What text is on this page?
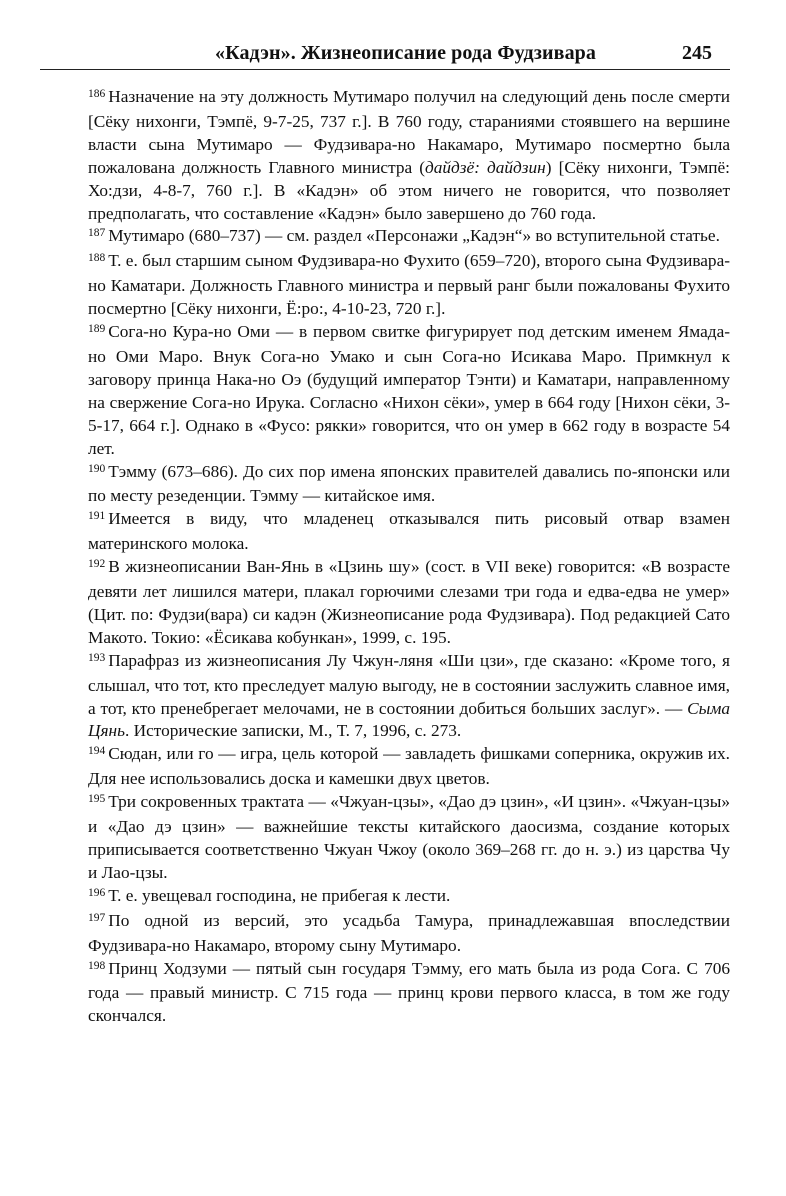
«Кадэн». Жизнеописание рода Фудзивара	245

$^{186}$ Назначение на эту должность Мутимаро получил на следующий день после смерти [Сёку нихонги, Тэмпё, 9-7-25, 737 г.]. В 760 году, стараниями стоявшего на вершине власти сына Мутимаро — Фудзивара-но Накамаро, Мутимаро посмертно была пожалована должность Главного министра (дайдзё: дайдзин) [Сёку нихонги, Тэмпё: Хо:дзи, 4-8-7, 760 г.]. В «Кадэн» об этом ничего не говорится, что позволяет предполагать, что составление «Кадэн» было завершено до 760 года.

$^{187}$ Мутимаро (680–737) — см. раздел «Персонажи „Кадэн“» во вступительной статье.

$^{188}$ Т. е. был старшим сыном Фудзивара-но Фухито (659–720), второго сына Фудзивара-но Каматари. Должность Главного министра и первый ранг были пожалованы Фухито посмертно [Сёку нихонги, Ё:ро:, 4-10-23, 720 г.].

$^{189}$ Сога-но Кура-но Оми — в первом свитке фигурирует под детским именем Ямада-но Оми Маро. Внук Сога-но Умако и сын Сога-но Исикава Маро. Примкнул к заговору принца Нака-но Оэ (будущий император Тэнти) и Каматари, направленному на свержение Сога-но Ирука. Согласно «Нихон сёки», умер в 664 году [Нихон сёки, 3-5-17, 664 г.]. Однако в «Фусо: рякки» говорится, что он умер в 662 году в возрасте 54 лет.

$^{190}$ Тэмму (673–686). До сих пор имена японских правителей давались по-японски или по месту резеденции. Тэмму — китайское имя.

$^{191}$ Имеется в виду, что младенец отказывался пить рисовый отвар взамен материнского молока.

$^{192}$ В жизнеописании Ван-Янь в «Цзинь шу» (сост. в VII веке) говорится: «В возрасте девяти лет лишился матери, плакал горючими слезами три года и едва-едва не умер» (Цит. по: Фудзи(вара) си кадэн (Жизнеописание рода Фудзивара). Под редакцией Сато Макото. Токио: «Ёсикава кобункан», 1999, с. 195.

$^{193}$ Парафраз из жизнеописания Лу Чжун-ляня «Ши цзи», где сказано: «Кроме того, я слышал, что тот, кто преследует малую выгоду, не в состоянии заслужить славное имя, а тот, кто пренебрегает мелочами, не в состоянии добиться больших заслуг». — Сыма Цянь. Исторические записки, М., Т. 7, 1996, с. 273.

$^{194}$ Сюдан, или го — игра, цель которой — завладеть фишками соперника, окружив их. Для нее использовались доска и камешки двух цветов.

$^{195}$ Три сокровенных трактата — «Чжуан-цзы», «Дао дэ цзин», «И цзин». «Чжуан-цзы» и «Дао дэ цзин» — важнейшие тексты китайского даосизма, создание которых приписывается соответственно Чжуан Чжоу (около 369–268 гг. до н. э.) из царства Чу и Лао-цзы.

$^{196}$ Т. е. увещевал господина, не прибегая к лести.

$^{197}$ По одной из версий, это усадьба Тамура, принадлежавшая впоследствии Фудзивара-но Накамаро, второму сыну Мутимаро.

$^{198}$ Принц Ходзуми — пятый сын государя Тэмму, его мать была из рода Сога. С 706 года — правый министр. С 715 года — принц крови первого класса, в том же году скончался.
